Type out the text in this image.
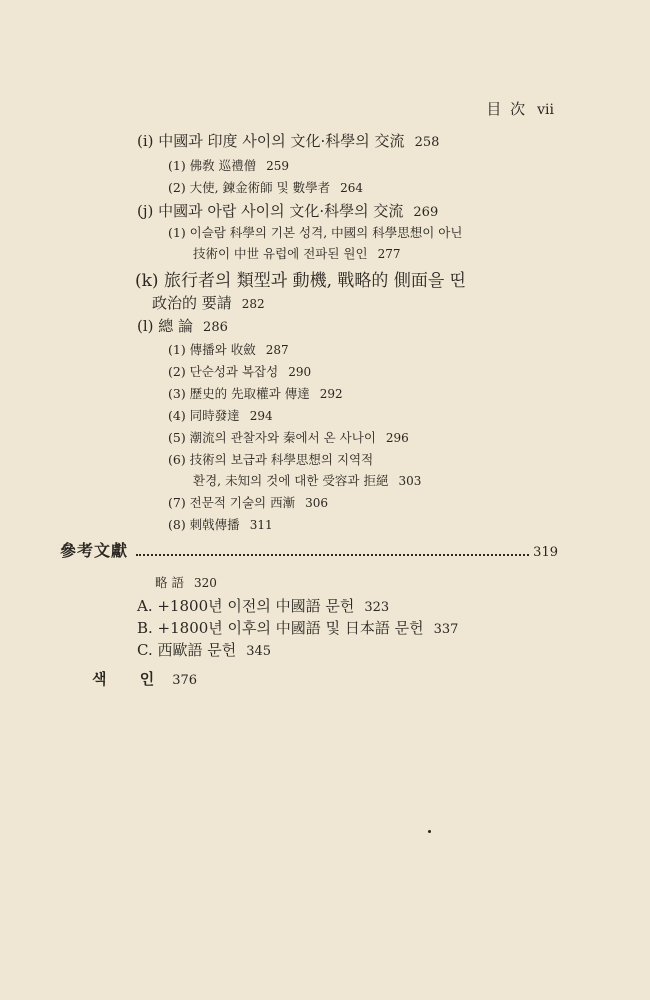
目 次 vii
(i) 中國과 印度 사이의 文化·科學의 交流 258
(1) 佛敎 巡禮僧 259
(2) 大使, 鍊金術師 및 數學者 264
(j) 中國과 아랍 사이의 文化·科學의 交流 269
(1) 이슬람 科學의 기본 성격, 中國의 科學思想이 아닌
技術이 中世 유럽에 전파된 원인 277
(k) 旅行者의 類型과 動機, 戰略的 側面을 띤
政治的 要請 282
(l) 總 論 286
(1) 傳播와 收斂 287
(2) 단순성과 복잡성 290
(3) 歷史的 先取權과 傳達 292
(4) 同時發達 294
(5) 潮流의 관찰자와 秦에서 온 사나이 296
(6) 技術의 보급과 科學思想의 지역적
환경, 未知의 것에 대한 受容과 拒絕 303
(7) 전문적 기술의 西漸 306
(8) 刺戟傳播 311
參考文獻	319
略 語 320
A. +1800년 이전의 中國語 문헌 323
B. +1800년 이후의 中國語 및 日本語 문헌 337
C. 西歐語 문헌 345
색 인 376
